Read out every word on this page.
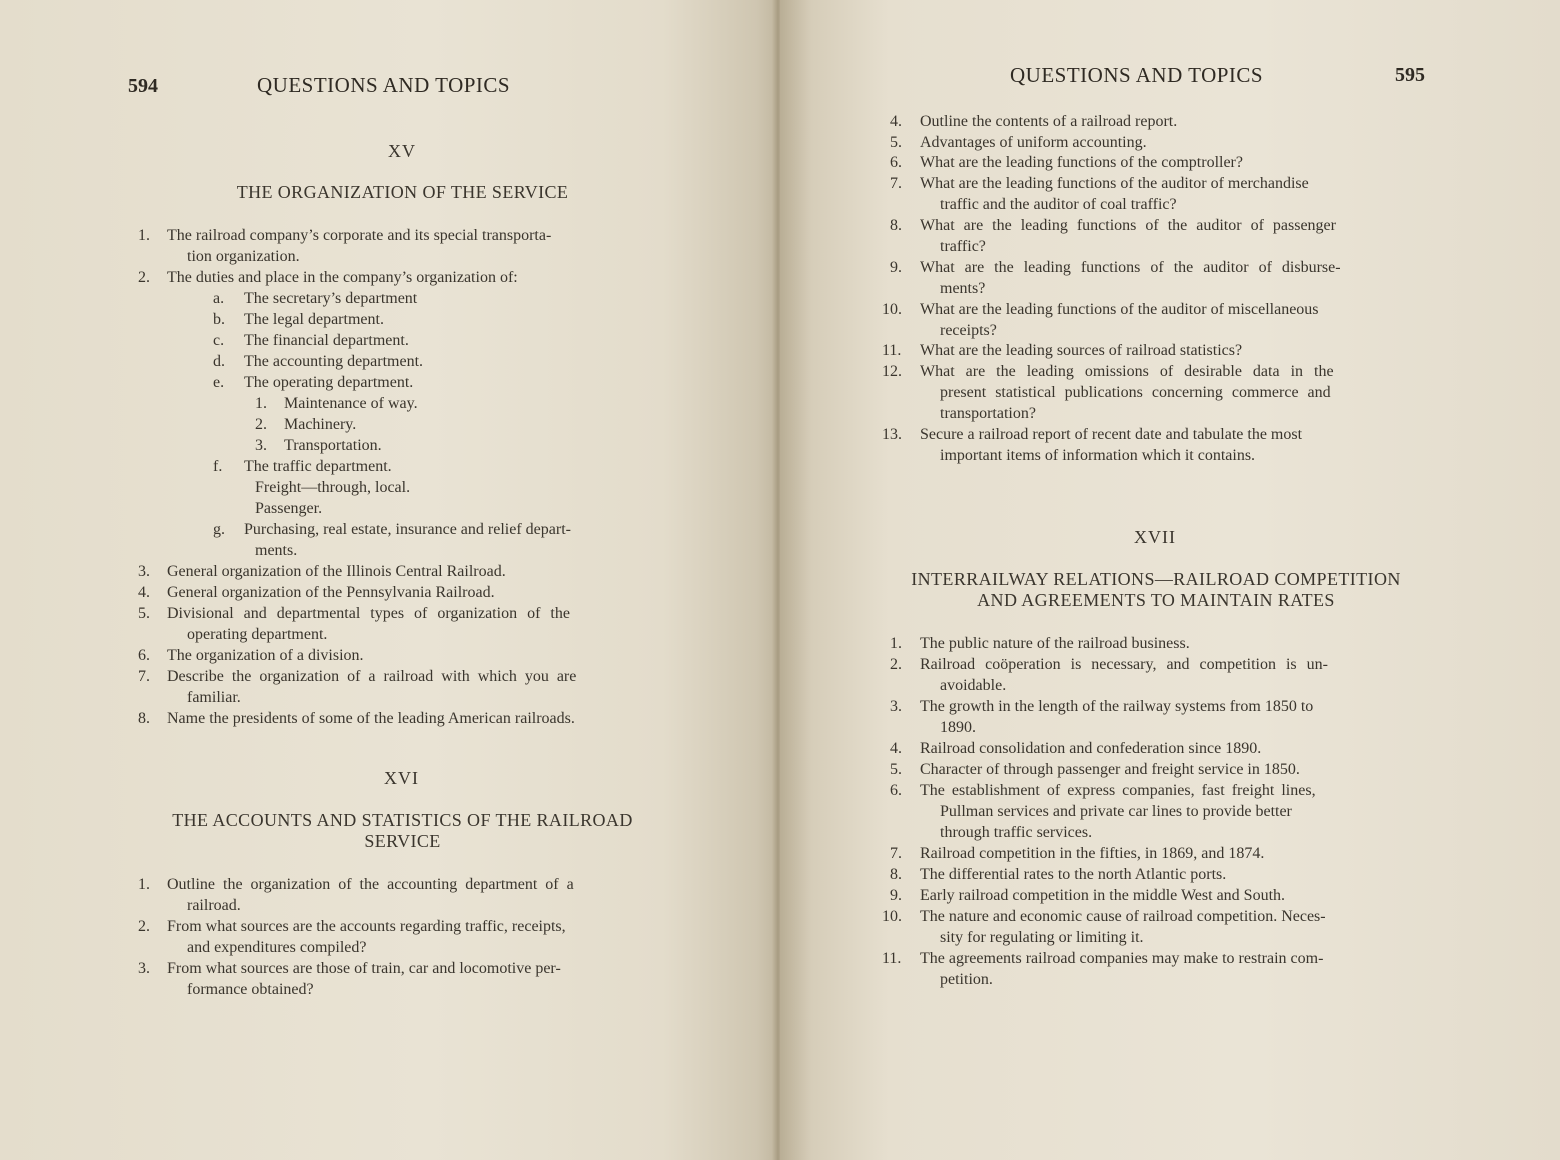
594	QUESTIONS AND TOPICS
XV
THE ORGANIZATION OF THE SERVICE
1. The railroad company’s corporate and its special transporta-
tion organization.
2. The duties and place in the company’s organization of:
a. The secretary’s department
b. The legal department.
c. The financial department.
d. The accounting department.
e. The operating department.
1. Maintenance of way.
2. Machinery.
3. Transportation.
f. The traffic department.
Freight—through, local.
Passenger.
g. Purchasing, real estate, insurance and relief depart-
ments.
3. General organization of the Illinois Central Railroad.
4. General organization of the Pennsylvania Railroad.
5. Divisional and departmental types of organization of the
operating department.
6. The organization of a division.
7. Describe the organization of a railroad with which you are
familiar.
8. Name the presidents of some of the leading American railroads.
XVI
THE ACCOUNTS AND STATISTICS OF THE RAILROAD
SERVICE
1. Outline the organization of the accounting department of a
railroad.
2. From what sources are the accounts regarding traffic, receipts,
and expenditures compiled?
3. From what sources are those of train, car and locomotive per-
formance obtained?
QUESTIONS AND TOPICS	595
4. Outline the contents of a railroad report.
5. Advantages of uniform accounting.
6. What are the leading functions of the comptroller?
7. What are the leading functions of the auditor of merchandise
traffic and the auditor of coal traffic?
8. What are the leading functions of the auditor of passenger
traffic?
9. What are the leading functions of the auditor of disburse-
ments?
10. What are the leading functions of the auditor of miscellaneous
receipts?
11. What are the leading sources of railroad statistics?
12. What are the leading omissions of desirable data in the
present statistical publications concerning commerce and
transportation?
13. Secure a railroad report of recent date and tabulate the most
important items of information which it contains.
XVII
INTERRAILWAY RELATIONS—RAILROAD COMPETITION
AND AGREEMENTS TO MAINTAIN RATES
1. The public nature of the railroad business.
2. Railroad coöperation is necessary, and competition is un-
avoidable.
3. The growth in the length of the railway systems from 1850 to
1890.
4. Railroad consolidation and confederation since 1890.
5. Character of through passenger and freight service in 1850.
6. The establishment of express companies, fast freight lines,
Pullman services and private car lines to provide better
through traffic services.
7. Railroad competition in the fifties, in 1869, and 1874.
8. The differential rates to the north Atlantic ports.
9. Early railroad competition in the middle West and South.
10. The nature and economic cause of railroad competition. Neces-
sity for regulating or limiting it.
11. The agreements railroad companies may make to restrain com-
petition.
